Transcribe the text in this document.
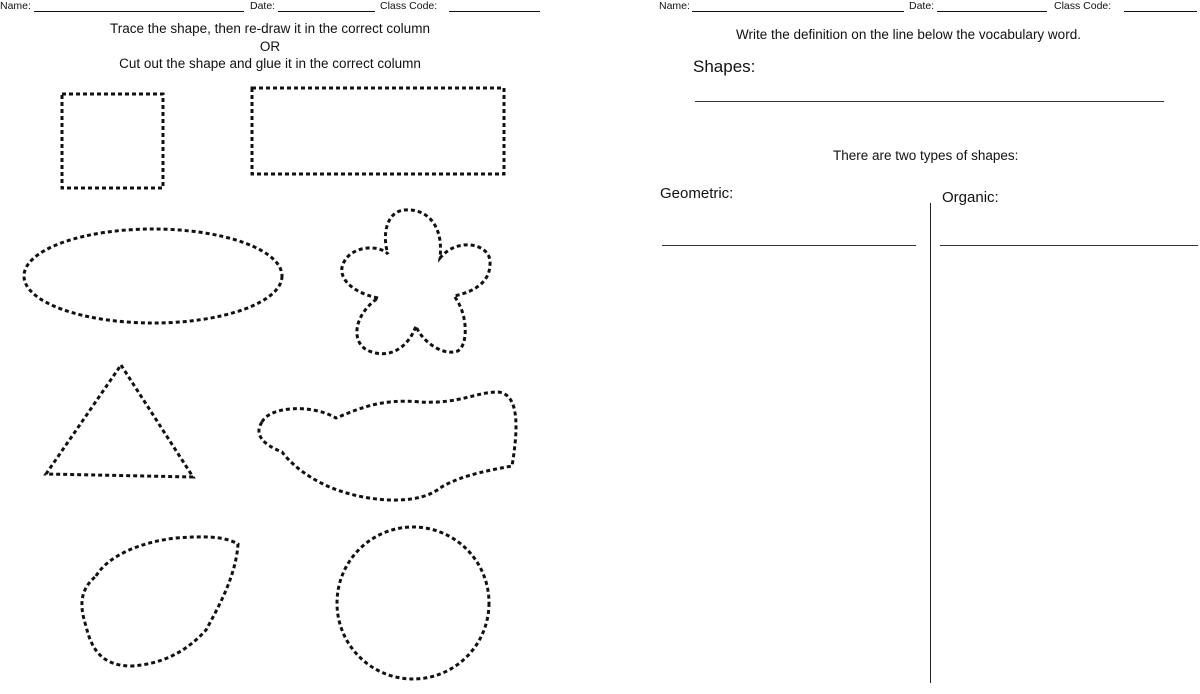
Name:	Date:	Class Code:
Trace the shape, then re-draw it in the correct column
OR
Cut out the shape and glue it in the correct column
Name:	Date:	Class Code:
Write the definition on the line below the vocabulary word.
Shapes:
There are two types of shapes:
Geometric:	Organic:
